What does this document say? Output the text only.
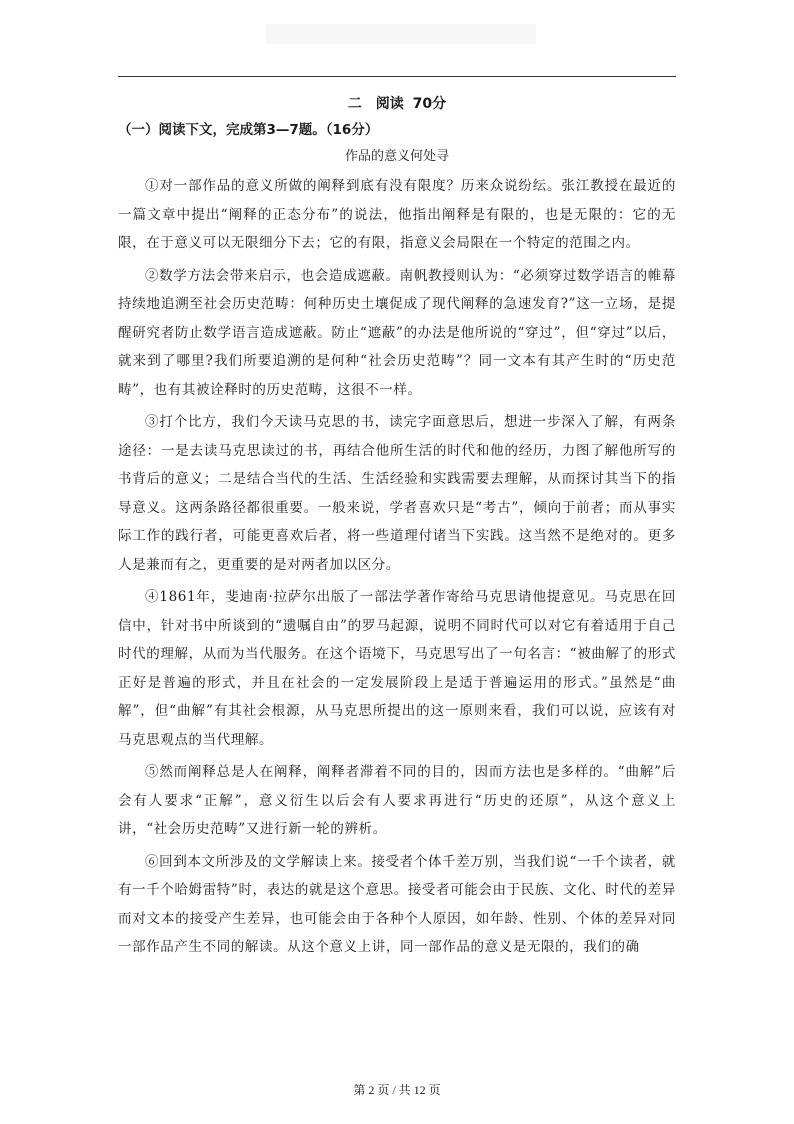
二　阅读 70分

（一）阅读下文，完成第3—7题。（16分）

作品的意义何处寻

①对一部作品的意义所做的阐释到底有没有限度？历来众说纷纭。张江教授在最近的一篇文章中提出“阐释的正态分布”的说法，他指出阐释是有限的，也是无限的：它的无限，在于意义可以无限细分下去；它的有限，指意义会局限在一个特定的范围之内。

②数学方法会带来启示，也会造成遮蔽。南帆教授则认为：“必须穿过数学语言的帷幕持续地追溯至社会历史范畴：何种历史土壤促成了现代阐释的急速发育?”这一立场，是提醒研究者防止数学语言造成遮蔽。防止“遮蔽”的办法是他所说的“穿过”，但“穿过”以后，就来到了哪里?我们所要追溯的是何种“社会历史范畴”？同一文本有其产生时的“历史范畴”，也有其被诠释时的历史范畴，这很不一样。

③打个比方，我们今天读马克思的书，读完字面意思后，想进一步深入了解，有两条途径：一是去读马克思读过的书，再结合他所生活的时代和他的经历，力图了解他所写的书背后的意义；二是结合当代的生活、生活经验和实践需要去理解，从而探讨其当下的指导意义。这两条路径都很重要。一般来说，学者喜欢只是“考古”，倾向于前者；而从事实际工作的践行者，可能更喜欢后者，将一些道理付诸当下实践。这当然不是绝对的。更多人是兼而有之，更重要的是对两者加以区分。

④1861年，斐迪南·拉萨尔出版了一部法学著作寄给马克思请他提意见。马克思在回信中，针对书中所谈到的“遗嘱自由”的罗马起源，说明不同时代可以对它有着适用于自己时代的理解，从而为当代服务。在这个语境下，马克思写出了一句名言：“被曲解了的形式正好是普遍的形式，并且在社会的一定发展阶段上是适于普遍运用的形式。”虽然是“曲解”，但“曲解”有其社会根源，从马克思所提出的这一原则来看，我们可以说，应该有对马克思观点的当代理解。

⑤然而阐释总是人在阐释，阐释者滞着不同的目的，因而方法也是多样的。“曲解”后会有人要求“正解”，意义衍生以后会有人要求再进行“历史的还原”，从这个意义上讲，“社会历史范畴”又进行新一轮的辨析。

⑥回到本文所涉及的文学解读上来。接受者个体千差万别，当我们说“一千个读者，就有一千个哈姆雷特”时，表达的就是这个意思。接受者可能会由于民族、文化、时代的差异而对文本的接受产生差异，也可能会由于各种个人原因，如年龄、性别、个体的差异对同一部作品产生不同的解读。从这个意义上讲，同一部作品的意义是无限的，我们的确

第 2 页 / 共 12 页
